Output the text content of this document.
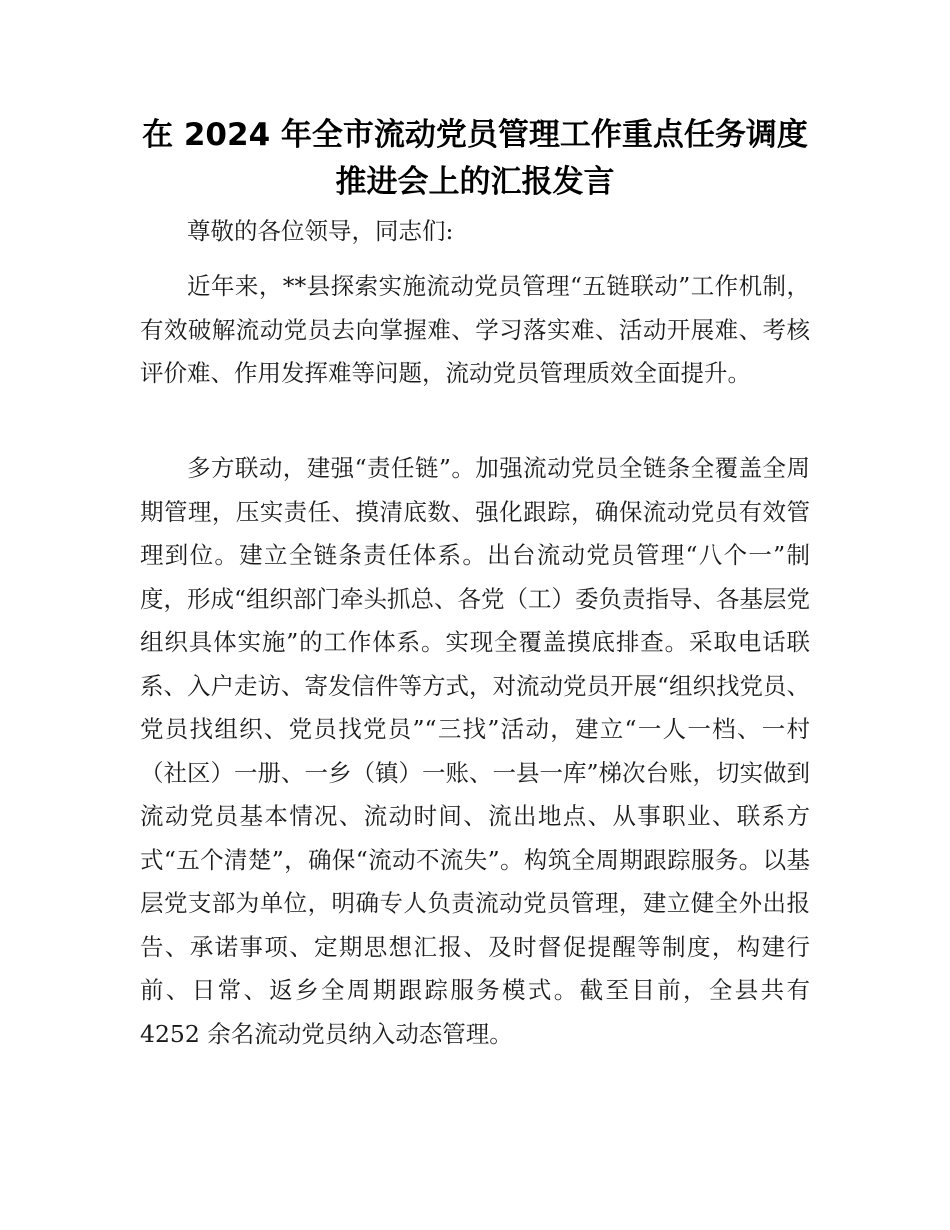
在 2024 年全市流动党员管理工作重点任务调度
推进会上的汇报发言

尊敬的各位领导，同志们:

近年来，**县探索实施流动党员管理“五链联动”工作机制，有效破解流动党员去向掌握难、学习落实难、活动开展难、考核评价难、作用发挥难等问题，流动党员管理质效全面提升。

多方联动，建强“责任链”。加强流动党员全链条全覆盖全周期管理，压实责任、摸清底数、强化跟踪，确保流动党员有效管理到位。建立全链条责任体系。出台流动党员管理“八个一”制度，形成“组织部门牵头抓总、各党（工）委负责指导、各基层党组织具体实施”的工作体系。实现全覆盖摸底排查。采取电话联系、入户走访、寄发信件等方式，对流动党员开展“组织找党员、党员找组织、党员找党员”“三找”活动，建立“一人一档、一村（社区）一册、一乡（镇）一账、一县一库”梯次台账，切实做到流动党员基本情况、流动时间、流出地点、从事职业、联系方式“五个清楚”，确保“流动不流失”。构筑全周期跟踪服务。以基层党支部为单位，明确专人负责流动党员管理，建立健全外出报告、承诺事项、定期思想汇报、及时督促提醒等制度，构建行前、日常、返乡全周期跟踪服务模式。截至目前，全县共有 4252 余名流动党员纳入动态管理。
